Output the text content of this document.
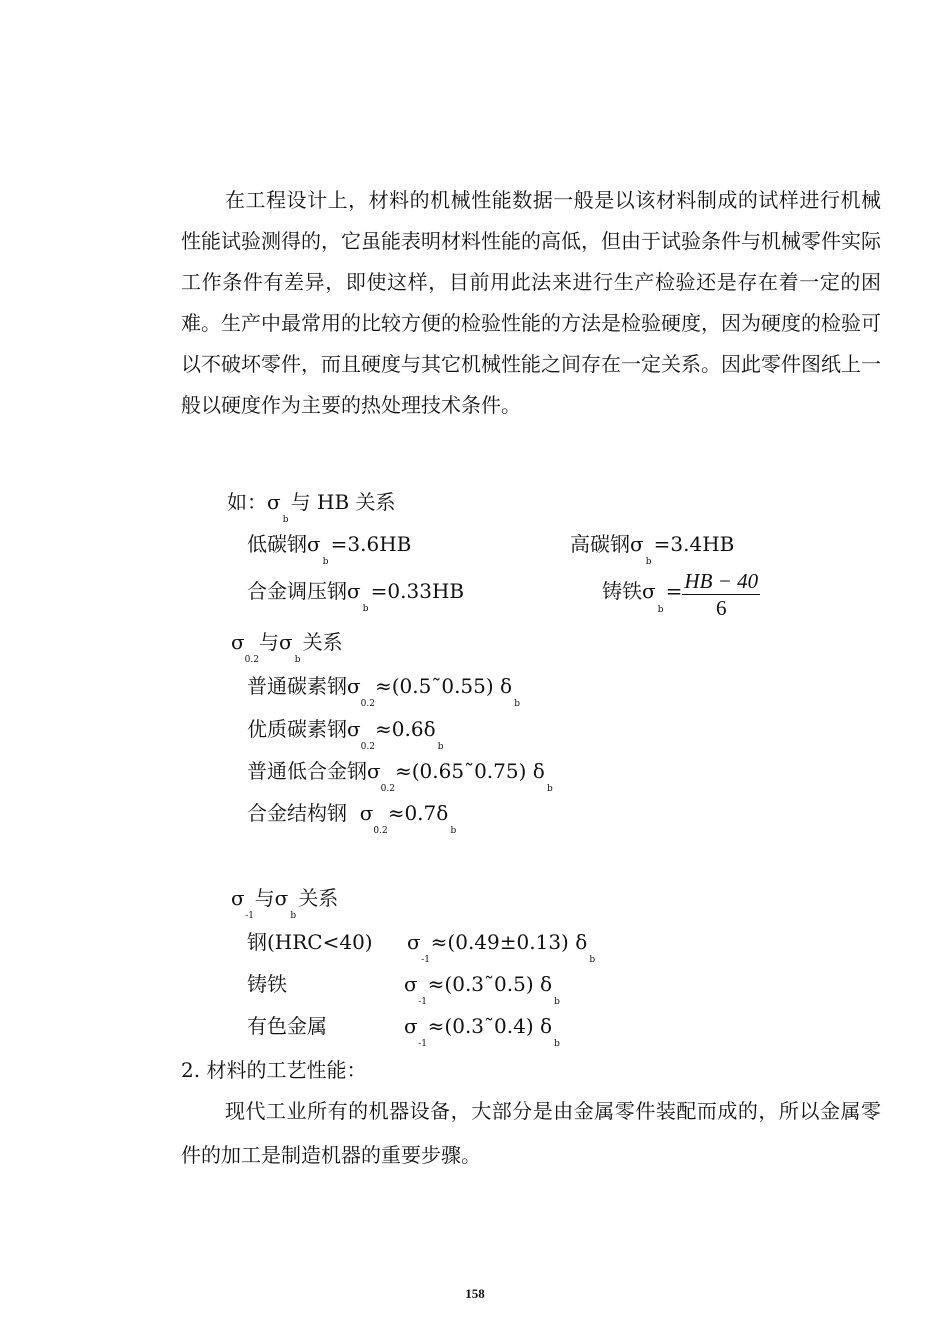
在工程设计上，材料的机械性能数据一般是以该材料制成的试样进行机械性能试验测得的，它虽能表明材料性能的高低，但由于试验条件与机械零件实际工作条件有差异，即使这样，目前用此法来进行生产检验还是存在着一定的困难。生产中最常用的比较方便的检验性能的方法是检验硬度，因为硬度的检验可以不破坏零件，而且硬度与其它机械性能之间存在一定关系。因此零件图纸上一般以硬度作为主要的热处理技术条件。

如：σb与 HB 关系
低碳钢σb=3.6HB	高碳钢σb=3.4HB
合金调压钢σb=0.33HB	铸铁$\sigma b= \frac{HB - 40}{6}$
σ0.2与σb关系
普通碳素钢σ0.2≈(0.5˜0.55) δb
优质碳素钢σ0.2≈0.6δb
普通低合金钢σ0.2≈(0.65˜0.75) δb
合金结构钢 σ0.2≈0.7δb
σ-1与σb关系
钢(HRC<40) σ-1≈(0.49±0.13) δb
铸铁	σ-1≈(0.3˜0.5) δb
有色金属	σ-1≈(0.3˜0.4) δb
2. 材料的工艺性能：

现代工业所有的机器设备，大部分是由金属零件装配而成的，所以金属零件的加工是制造机器的重要步骤。

158
